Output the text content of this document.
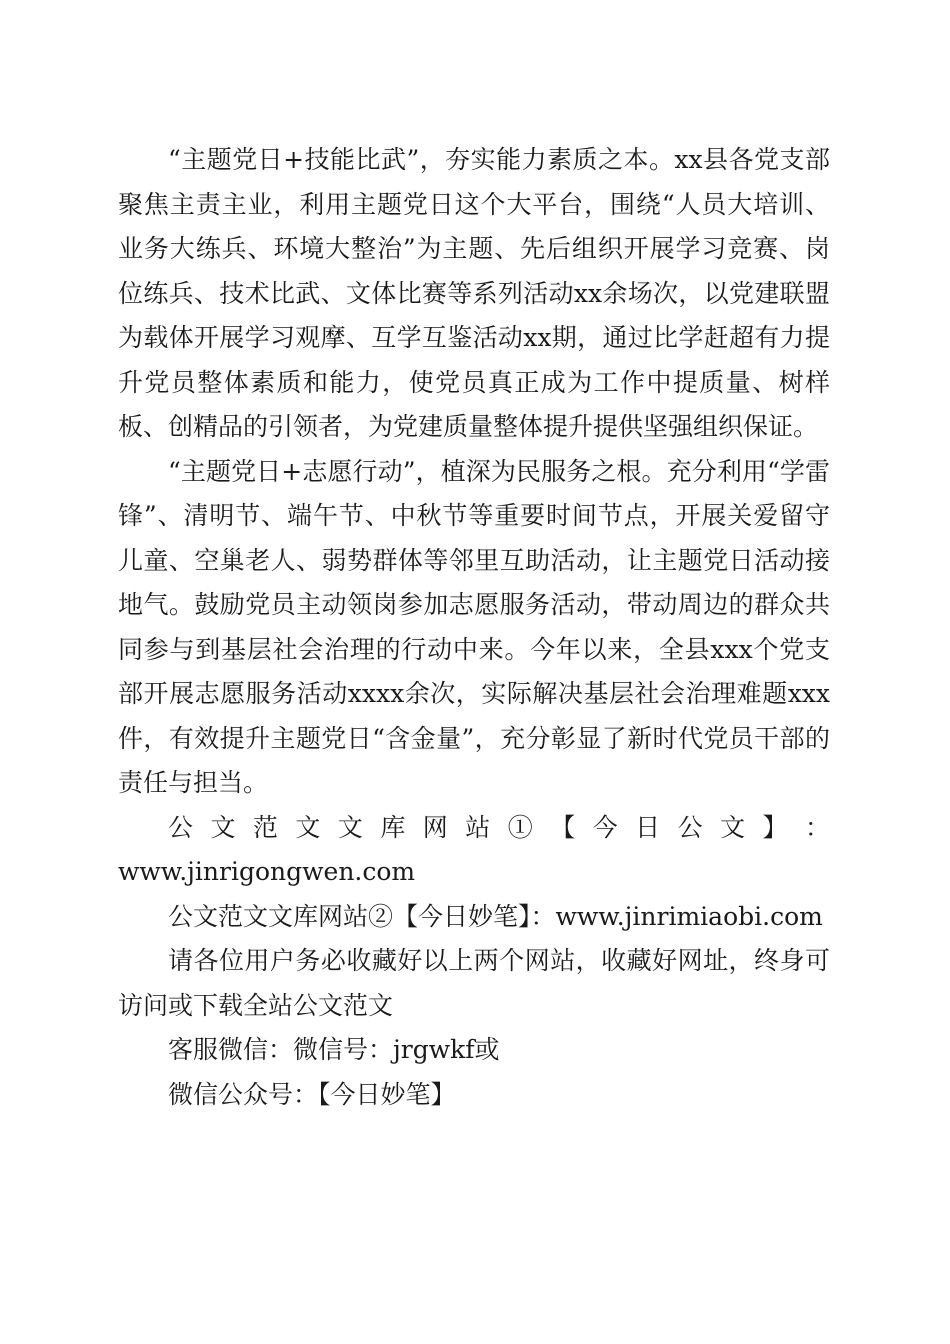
“主题党日+技能比武”，夯实能力素质之本。xx县各党支部聚焦主责主业，利用主题党日这个大平台，围绕“人员大培训、业务大练兵、环境大整治”为主题、先后组织开展学习竞赛、岗位练兵、技术比武、文体比赛等系列活动xx余场次，以党建联盟为载体开展学习观摩、互学互鉴活动xx期，通过比学赶超有力提升党员整体素质和能力，使党员真正成为工作中提质量、树样板、创精品的引领者，为党建质量整体提升提供坚强组织保证。

“主题党日+志愿行动”，植深为民服务之根。充分利用“学雷锋”、清明节、端午节、中秋节等重要时间节点，开展关爱留守儿童、空巢老人、弱势群体等邻里互助活动，让主题党日活动接地气。鼓励党员主动领岗参加志愿服务活动，带动周边的群众共同参与到基层社会治理的行动中来。今年以来，全县xxx个党支部开展志愿服务活动xxxx余次，实际解决基层社会治理难题xxx件，有效提升主题党日“含金量”，充分彰显了新时代党员干部的责任与担当。

公 文 范 文 文 库 网 站 ① 【 今 日 公 文 】 ：

www.jinrigongwen.com

公文范文文库网站②【今日妙笔】：www.jinrimiaobi.com

请各位用户务必收藏好以上两个网站，收藏好网址，终身可访问或下载全站公文范文

客服微信：微信号：jrgwkf或

微信公众号：【今日妙笔】
